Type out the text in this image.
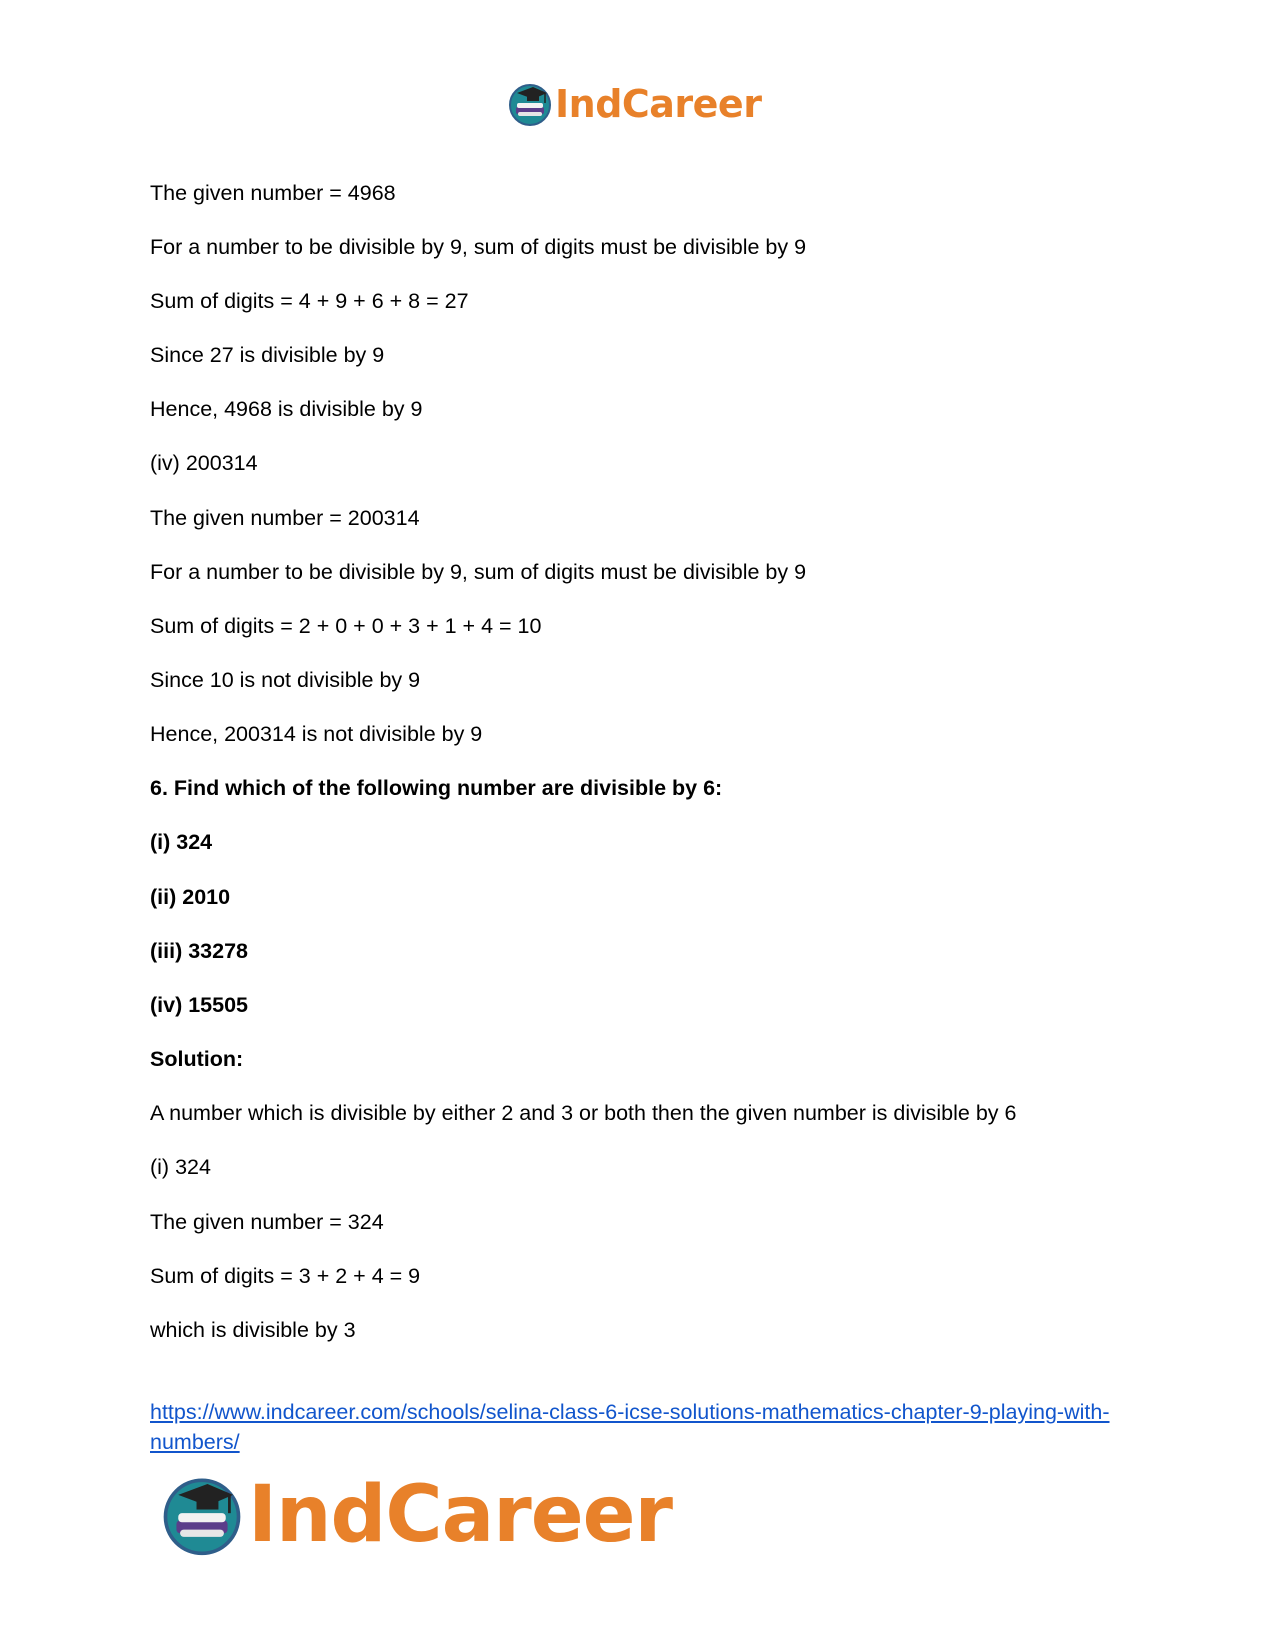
IndCareer
The given number = 4968
For a number to be divisible by 9, sum of digits must be divisible by 9
Sum of digits = 4 + 9 + 6 + 8 = 27
Since 27 is divisible by 9
Hence, 4968 is divisible by 9
(iv) 200314
The given number = 200314
For a number to be divisible by 9, sum of digits must be divisible by 9
Sum of digits = 2 + 0 + 0 + 3 + 1 + 4 = 10
Since 10 is not divisible by 9
Hence, 200314 is not divisible by 9
6. Find which of the following number are divisible by 6:
(i) 324
(ii) 2010
(iii) 33278
(iv) 15505
Solution:
A number which is divisible by either 2 and 3 or both then the given number is divisible by 6
(i) 324
The given number = 324
Sum of digits = 3 + 2 + 4 = 9
which is divisible by 3
https://www.indcareer.com/schools/selina-class-6-icse-solutions-mathematics-chapter-9-playing-with-numbers/
IndCareer
